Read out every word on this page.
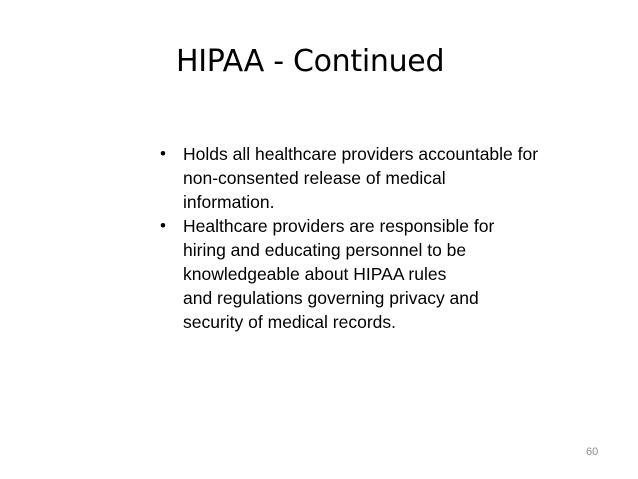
HIPAA - Continued
• Holds all healthcare providers accountable for
non-consented release of medical
information.
• Healthcare providers are responsible for
hiring and educating personnel to be
knowledgeable about HIPAA rules
and regulations governing privacy and
security of medical records.
60
